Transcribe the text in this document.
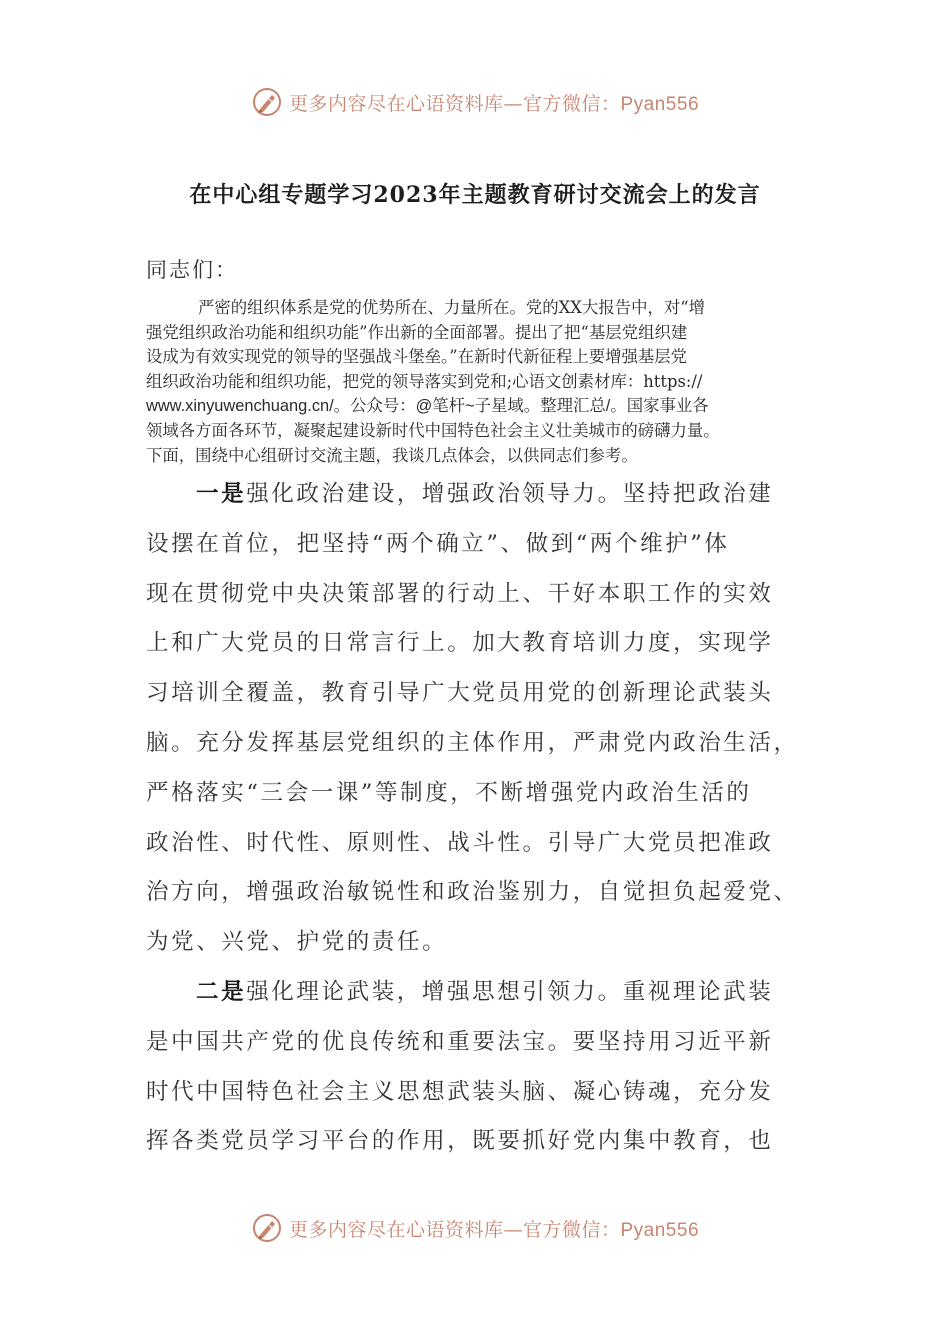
更多内容尽在心语资料库—官方微信：Pyan556
在中心组专题学习2023年主题教育研讨交流会上的发言
同志们：

严密的组织体系是党的优势所在、力量所在。党的XX大报告中，对“增
强党组织政治功能和组织功能”作出新的全面部署。提出了把“基层党组织建
设成为有效实现党的领导的坚强战斗堡垒。”在新时代新征程上要增强基层党
组织政治功能和组织功能，把党的领导落实到党和;心语文创素材库：https://
www.xinyuwenchuang.cn/。公众号：@笔杆~子星域。整理汇总/。国家事业各
领域各方面各环节，凝聚起建设新时代中国特色社会主义壮美城市的磅礴力量。
下面，围绕中心组研讨交流主题，我谈几点体会，以供同志们参考。

一是强化政治建设，增强政治领导力。坚持把政治建
设摆在首位，把坚持“两个确立”、做到“两个维护”体
现在贯彻党中央决策部署的行动上、干好本职工作的实效
上和广大党员的日常言行上。加大教育培训力度，实现学
习培训全覆盖，教育引导广大党员用党的创新理论武装头
脑。充分发挥基层党组织的主体作用，严肃党内政治生活，
严格落实“三会一课”等制度，不断增强党内政治生活的
政治性、时代性、原则性、战斗性。引导广大党员把准政
治方向，增强政治敏锐性和政治鉴别力，自觉担负起爱党、
为党、兴党、护党的责任。

二是强化理论武装，增强思想引领力。重视理论武装
是中国共产党的优良传统和重要法宝。要坚持用习近平新
时代中国特色社会主义思想武装头脑、凝心铸魂，充分发
挥各类党员学习平台的作用，既要抓好党内集中教育，也

更多内容尽在心语资料库—官方微信：Pyan556
